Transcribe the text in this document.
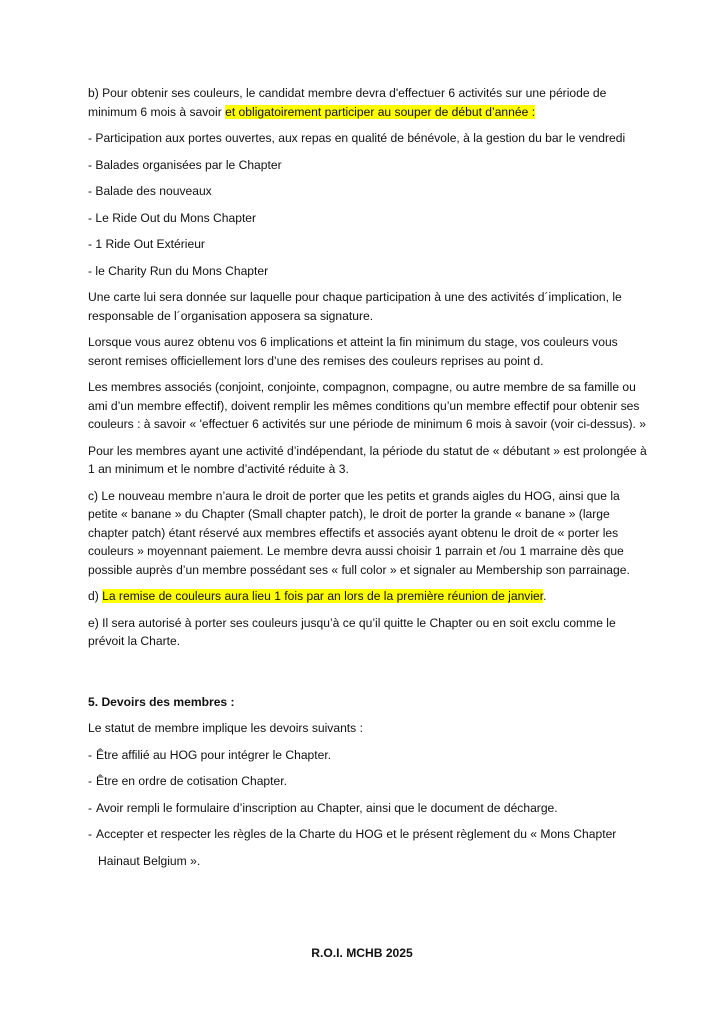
b) Pour obtenir ses couleurs, le candidat membre devra d'effectuer 6 activités sur une période de minimum 6 mois à savoir et obligatoirement participer au souper de début d’année :

- Participation aux portes ouvertes, aux repas en qualité de bénévole, à la gestion du bar le vendredi

- Balades organisées par le Chapter

- Balade des nouveaux

- Le Ride Out du Mons Chapter

- 1 Ride Out Extérieur

- le Charity Run du Mons Chapter

Une carte lui sera donnée sur laquelle pour chaque participation à une des activités d´implication, le responsable de l´organisation apposera sa signature.

Lorsque vous aurez obtenu vos 6 implications et atteint la fin minimum du stage, vos couleurs vous seront remises officiellement lors d’une des remises des couleurs reprises au point d.

Les membres associés (conjoint, conjointe, compagnon, compagne, ou autre membre de sa famille ou ami d’un membre effectif), doivent remplir les mêmes conditions qu’un membre effectif pour obtenir ses couleurs : à savoir « 'effectuer 6 activités sur une période de minimum 6 mois à savoir (voir ci-dessus). »

Pour les membres ayant une activité d’indépendant, la période du statut de « débutant » est prolongée à 1 an minimum et le nombre d’activité réduite à 3.

c) Le nouveau membre n’aura le droit de porter que les petits et grands aigles du HOG, ainsi que la petite « banane » du Chapter (Small chapter patch), le droit de porter la grande « banane » (large chapter patch) étant réservé aux membres effectifs et associés ayant obtenu le droit de « porter les couleurs » moyennant paiement. Le membre devra aussi choisir 1 parrain et /ou 1 marraine dès que possible auprès d’un membre possédant ses « full color » et signaler au Membership son parrainage.

d) La remise de couleurs aura lieu 1 fois par an lors de la première réunion de janvier.

e) Il sera autorisé à porter ses couleurs jusqu’à ce qu’il quitte le Chapter ou en soit exclu comme le prévoit la Charte.

5. Devoirs des membres :

Le statut de membre implique les devoirs suivants :

- Être affilié au HOG pour intégrer le Chapter.

- Être en ordre de cotisation Chapter.

- Avoir rempli le formulaire d’inscription au Chapter, ainsi que le document de décharge.

- Accepter et respecter les règles de la Charte du HOG et le présent règlement du « Mons Chapter
Hainaut Belgium ».

R.O.I. MCHB 2025
